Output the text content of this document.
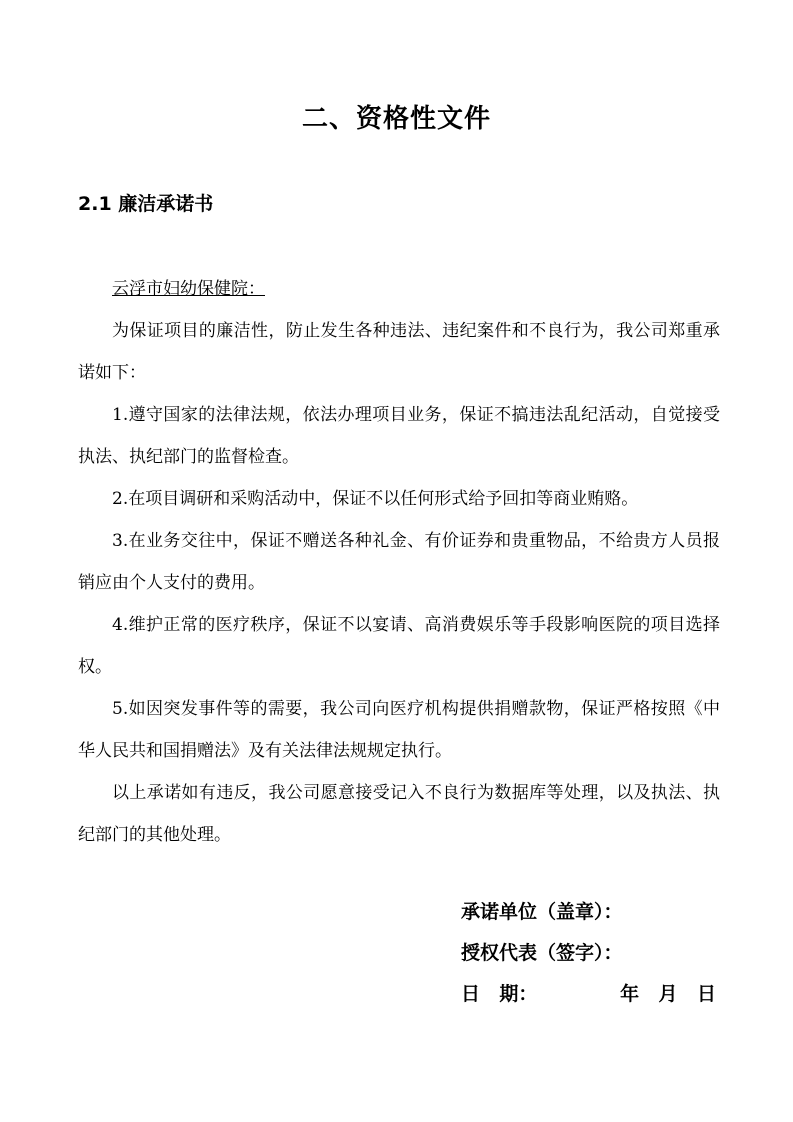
二、资格性文件
2.1 廉洁承诺书

云浮市妇幼保健院：

为保证项目的廉洁性，防止发生各种违法、违纪案件和不良行为，我公司郑重承诺如下：

1.遵守国家的法律法规，依法办理项目业务，保证不搞违法乱纪活动，自觉接受执法、执纪部门的监督检查。

2.在项目调研和采购活动中，保证不以任何形式给予回扣等商业贿赂。

3.在业务交往中，保证不赠送各种礼金、有价证券和贵重物品，不给贵方人员报销应由个人支付的费用。

4.维护正常的医疗秩序，保证不以宴请、高消费娱乐等手段影响医院的项目选择权。

5.如因突发事件等的需要，我公司向医疗机构提供捐赠款物，保证严格按照《中华人民共和国捐赠法》及有关法律法规规定执行。

以上承诺如有违反，我公司愿意接受记入不良行为数据库等处理，以及执法、执纪部门的其他处理。

承诺单位（盖章）：
授权代表（签字）：
日 期：	年 月 日
